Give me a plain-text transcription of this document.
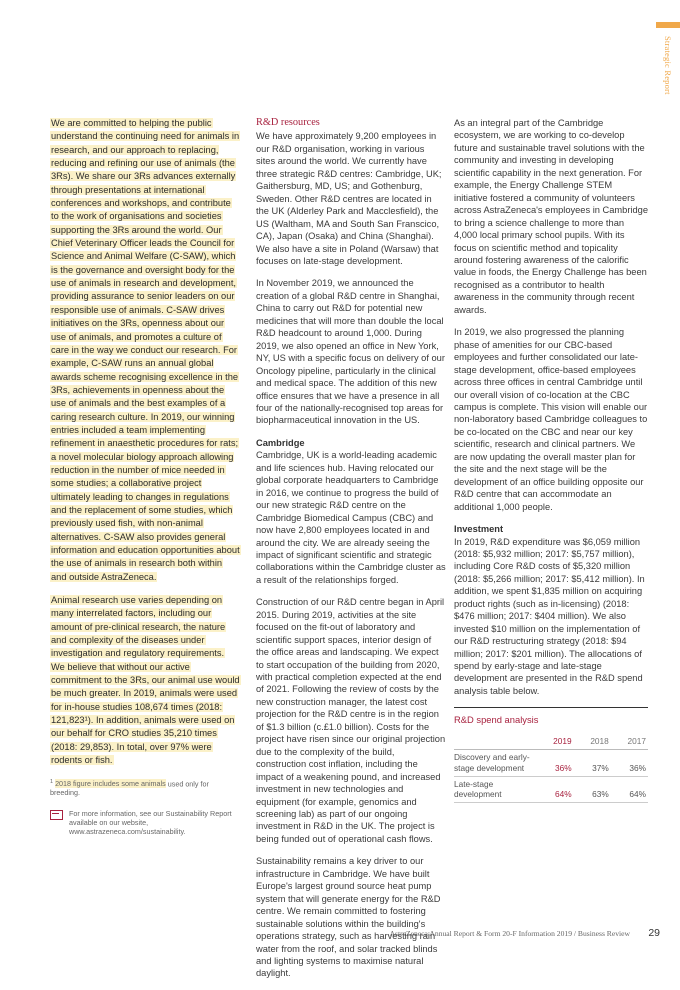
Strategic Report

We are committed to helping the public understand the continuing need for animals in research, and our approach to replacing, reducing and refining our use of animals (the 3Rs). We share our 3Rs advances externally through presentations at international conferences and workshops, and contribute to the work of organisations and societies supporting the 3Rs around the world. Our Chief Veterinary Officer leads the Council for Science and Animal Welfare (C-SAW), which is the governance and oversight body for the use of animals in research and development, providing assurance to senior leaders on our responsible use of animals. C-SAW drives initiatives on the 3Rs, openness about our use of animals, and promotes a culture of care in the way we conduct our research. For example, C-SAW runs an annual global awards scheme recognising excellence in the 3Rs, achievements in openness about the use of animals and the best examples of a caring research culture. In 2019, our winning entries included a team implementing refinement in anaesthetic procedures for rats; a novel molecular biology approach allowing reduction in the number of mice needed in some studies; a collaborative project ultimately leading to changes in regulations and the replacement of some studies, which previously used fish, with non-animal alternatives. C-SAW also provides general information and education opportunities about the use of animals in research both within and outside AstraZeneca.

Animal research use varies depending on many interrelated factors, including our amount of pre-clinical research, the nature and complexity of the diseases under investigation and regulatory requirements. We believe that without our active commitment to the 3Rs, our animal use would be much greater. In 2019, animals were used for in-house studies 108,674 times (2018: 121,823¹). In addition, animals were used on our behalf for CRO studies 35,210 times (2018: 29,853). In total, over 97% were rodents or fish.

$^1$ 2018 figure includes some animals used only for breeding.
For more information, see our Sustainability Report available on our website, www.astrazeneca.com/sustainability.
R&D resources

We have approximately 9,200 employees in our R&D organisation, working in various sites around the world. We currently have three strategic R&D centres: Cambridge, UK; Gaithersburg, MD, US; and Gothenburg, Sweden. Other R&D centres are located in the UK (Alderley Park and Macclesfield), the US (Waltham, MA and South San Franscico, CA), Japan (Osaka) and China (Shanghai). We also have a site in Poland (Warsaw) that focuses on late-stage development.

In November 2019, we announced the creation of a global R&D centre in Shanghai, China to carry out R&D for potential new medicines that will more than double the local R&D headcount to around 1,000. During 2019, we also opened an office in New York, NY, US with a specific focus on delivery of our Oncology pipeline, particularly in the clinical and medical space. The addition of this new office ensures that we have a presence in all four of the nationally-recognised top areas for biopharmaceutical innovation in the US.

Cambridge

Cambridge, UK is a world-leading academic and life sciences hub. Having relocated our global corporate headquarters to Cambridge in 2016, we continue to progress the build of our new strategic R&D centre on the Cambridge Biomedical Campus (CBC) and now have 2,800 employees located in and around the city. We are already seeing the impact of significant scientific and strategic collaborations within the Cambridge cluster as a result of the relationships forged.

Construction of our R&D centre began in April 2015. During 2019, activities at the site focused on the fit-out of laboratory and scientific support spaces, interior design of the office areas and landscaping. We expect to start occupation of the building from 2020, with practical completion expected at the end of 2021. Following the review of costs by the new construction manager, the latest cost projection for the R&D centre is in the region of $1.3 billion (c.£1.0 billion). Costs for the project have risen since our original projection due to the complexity of the build, construction cost inflation, including the impact of a weakening pound, and increased investment in new technologies and equipment (for example, genomics and screening lab) as part of our ongoing investment in R&D in the UK. The project is being funded out of operational cash flows.

Sustainability remains a key driver to our infrastructure in Cambridge. We have built Europe's largest ground source heat pump system that will generate energy for the R&D centre. We remain committed to fostering sustainable solutions within the building's operations strategy, such as harvesting rain water from the roof, and solar tracked blinds and lighting systems to maximise natural daylight.

As an integral part of the Cambridge ecosystem, we are working to co-develop future and sustainable travel solutions with the community and investing in developing scientific capability in the next generation. For example, the Energy Challenge STEM initiative fostered a community of volunteers across AstraZeneca's employees in Cambridge to bring a science challenge to more than 4,000 local primary school pupils. With its focus on scientific method and topicality around fostering awareness of the calorific value in foods, the Energy Challenge has been recognised as a contributor to health awareness in the community through recent awards.

In 2019, we also progressed the planning phase of amenities for our CBC-based employees and further consolidated our late-stage development, office-based employees across three offices in central Cambridge until our overall vision of co-location at the CBC campus is complete. This vision will enable our non-laboratory based Cambridge colleagues to be co-located on the CBC and near our key scientific, research and clinical partners. We are now updating the overall master plan for the site and the next stage will be the development of an office building opposite our R&D centre that can accommodate an additional 1,000 people.

Investment

In 2019, R&D expenditure was $6,059 million (2018: $5,932 million; 2017: $5,757 million), including Core R&D costs of $5,320 million (2018: $5,266 million; 2017: $5,412 million). In addition, we spent $1,835 million on acquiring product rights (such as in-licensing) (2018: $476 million; 2017: $404 million). We also invested $10 million on the implementation of our R&D restructuring strategy (2018: $94 million; 2017: $201 million). The allocations of spend by early-stage and late-stage development are presented in the R&D spend analysis table below.

R&D spend analysis
	2019	2018	2017
Discovery and early-stage development	36%	37%	36%
Late-stage development	64%	63%	64%
AstraZeneca Annual Report & Form 20-F Information 2019 / Business Review 29
